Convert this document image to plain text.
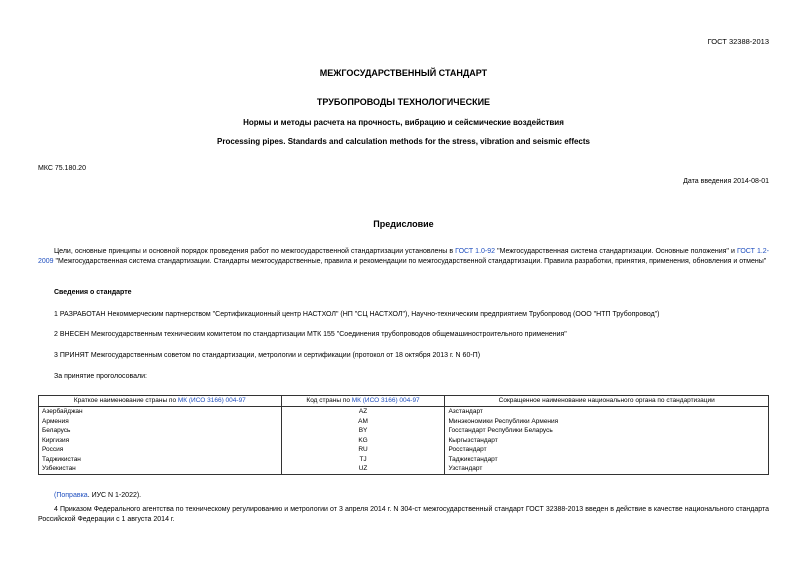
ГОСТ 32388-2013
МЕЖГОСУДАРСТВЕННЫЙ СТАНДАРТ
ТРУБОПРОВОДЫ ТЕХНОЛОГИЧЕСКИЕ
Нормы и методы расчета на прочность, вибрацию и сейсмические воздействия
Processing pipes. Standards and calculation methods for the stress, vibration and seismic effects
МКС 75.180.20
Дата введения 2014-08-01
Предисловие
Цели, основные принципы и основной порядок проведения работ по межгосударственной стандартизации установлены в ГОСТ 1.0-92 "Межгосударственная система стандартизации. Основные положения" и ГОСТ 1.2-2009 "Межгосударственная система стандартизации. Стандарты межгосударственные, правила и рекомендации по межгосударственной стандартизации. Правила разработки, принятия, применения, обновления и отмены"
Сведения о стандарте
1 РАЗРАБОТАН Некоммерческим партнерством "Сертификационный центр НАСТХОЛ" (НП "СЦ НАСТХОЛ"), Научно-техническим предприятием Трубопровод (ООО "НТП Трубопровод")
2 ВНЕСЕН Межгосударственным техническим комитетом по стандартизации МТК 155 "Соединения трубопроводов общемашиностроительного применения"
3 ПРИНЯТ Межгосударственным советом по стандартизации, метрологии и сертификации (протокол от 18 октября 2013 г. N 60-П)
За принятие проголосовали:
Краткое наименование страны по МК (ИСО 3166) 004-97	Код страны по МК (ИСО 3166) 004-97	Сокращенное наименование национального органа по стандартизации
Азербайджан	AZ	Азстандарт
Армения	AM	Минэкономики Республики Армения
Беларусь	BY	Госстандарт Республики Беларусь
Киргизия	KG	Кыргызстандарт
Россия	RU	Росстандарт
Таджикистан	TJ	Таджикстандарт
Узбекистан	UZ	Узстандарт
(Поправка. ИУС N 1-2022).
4 Приказом Федерального агентства по техническому регулированию и метрологии от 3 апреля 2014 г. N 304-ст межгосударственный стандарт ГОСТ 32388-2013 введен в действие в качестве национального стандарта Российской Федерации с 1 августа 2014 г.
